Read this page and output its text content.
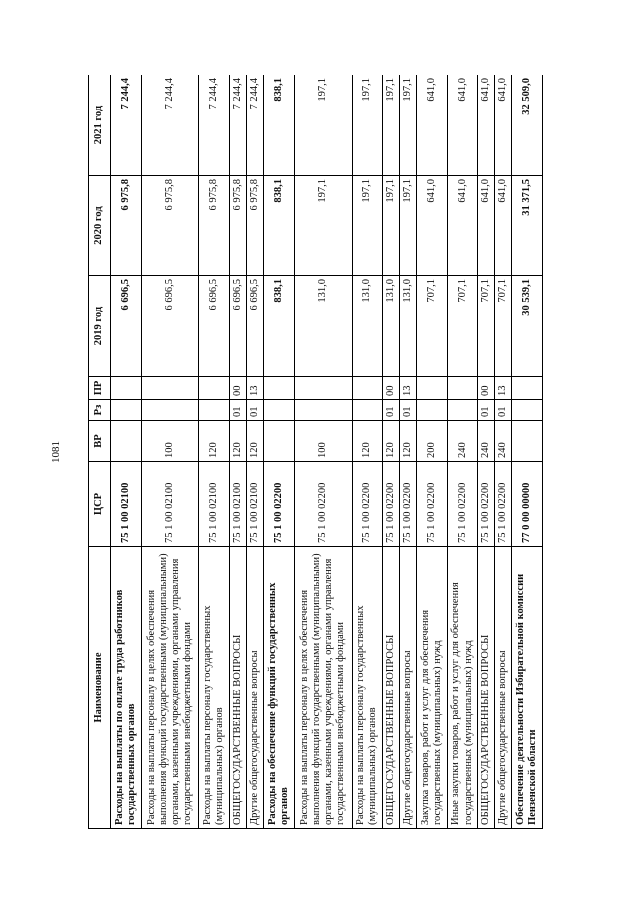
1081
Наименование	ЦСР	ВР	Рз	ПР	2019 год	2020 год	2021 год
Расходы на выплаты по оплате труда работников государственных органов	75 1 00 02100				6 696,5	6 975,8	7 244,4
Расходы на выплаты персоналу в целях обеспечения выполнения функций государственными (муниципальными) органами, казенными учреждениями, органами управления государственными внебюджетными фондами	75 1 00 02100	100			6 696,5	6 975,8	7 244,4
Расходы на выплаты персоналу государственных (муниципальных) органов	75 1 00 02100	120			6 696,5	6 975,8	7 244,4
ОБЩЕГОСУДАРСТВЕННЫЕ ВОПРОСЫ	75 1 00 02100	120	01	00	6 696,5	6 975,8	7 244,4
Другие общегосударственные вопросы	75 1 00 02100	120	01	13	6 696,5	6 975,8	7 244,4
Расходы на обеспечение функций государственных органов	75 1 00 02200				838,1	838,1	838,1
Расходы на выплаты персоналу в целях обеспечения выполнения функций государственными (муниципальными) органами, казенными учреждениями, органами управления государственными внебюджетными фондами	75 1 00 02200	100			131,0	197,1	197,1
Расходы на выплаты персоналу государственных (муниципальных) органов	75 1 00 02200	120			131,0	197,1	197,1
ОБЩЕГОСУДАРСТВЕННЫЕ ВОПРОСЫ	75 1 00 02200	120	01	00	131,0	197,1	197,1
Другие общегосударственные вопросы	75 1 00 02200	120	01	13	131,0	197,1	197,1
Закупка товаров, работ и услуг для обеспечения государственных (муниципальных) нужд	75 1 00 02200	200			707,1	641,0	641,0
Иные закупки товаров, работ и услуг для обеспечения государственных (муниципальных) нужд	75 1 00 02200	240			707,1	641,0	641,0
ОБЩЕГОСУДАРСТВЕННЫЕ ВОПРОСЫ	75 1 00 02200	240	01	00	707,1	641,0	641,0
Другие общегосударственные вопросы	75 1 00 02200	240	01	13	707,1	641,0	641,0
Обеспечение деятельности Избирательной комиссии Пензенской области	77 0 00 00000				30 539,1	31 371,5	32 509,0
